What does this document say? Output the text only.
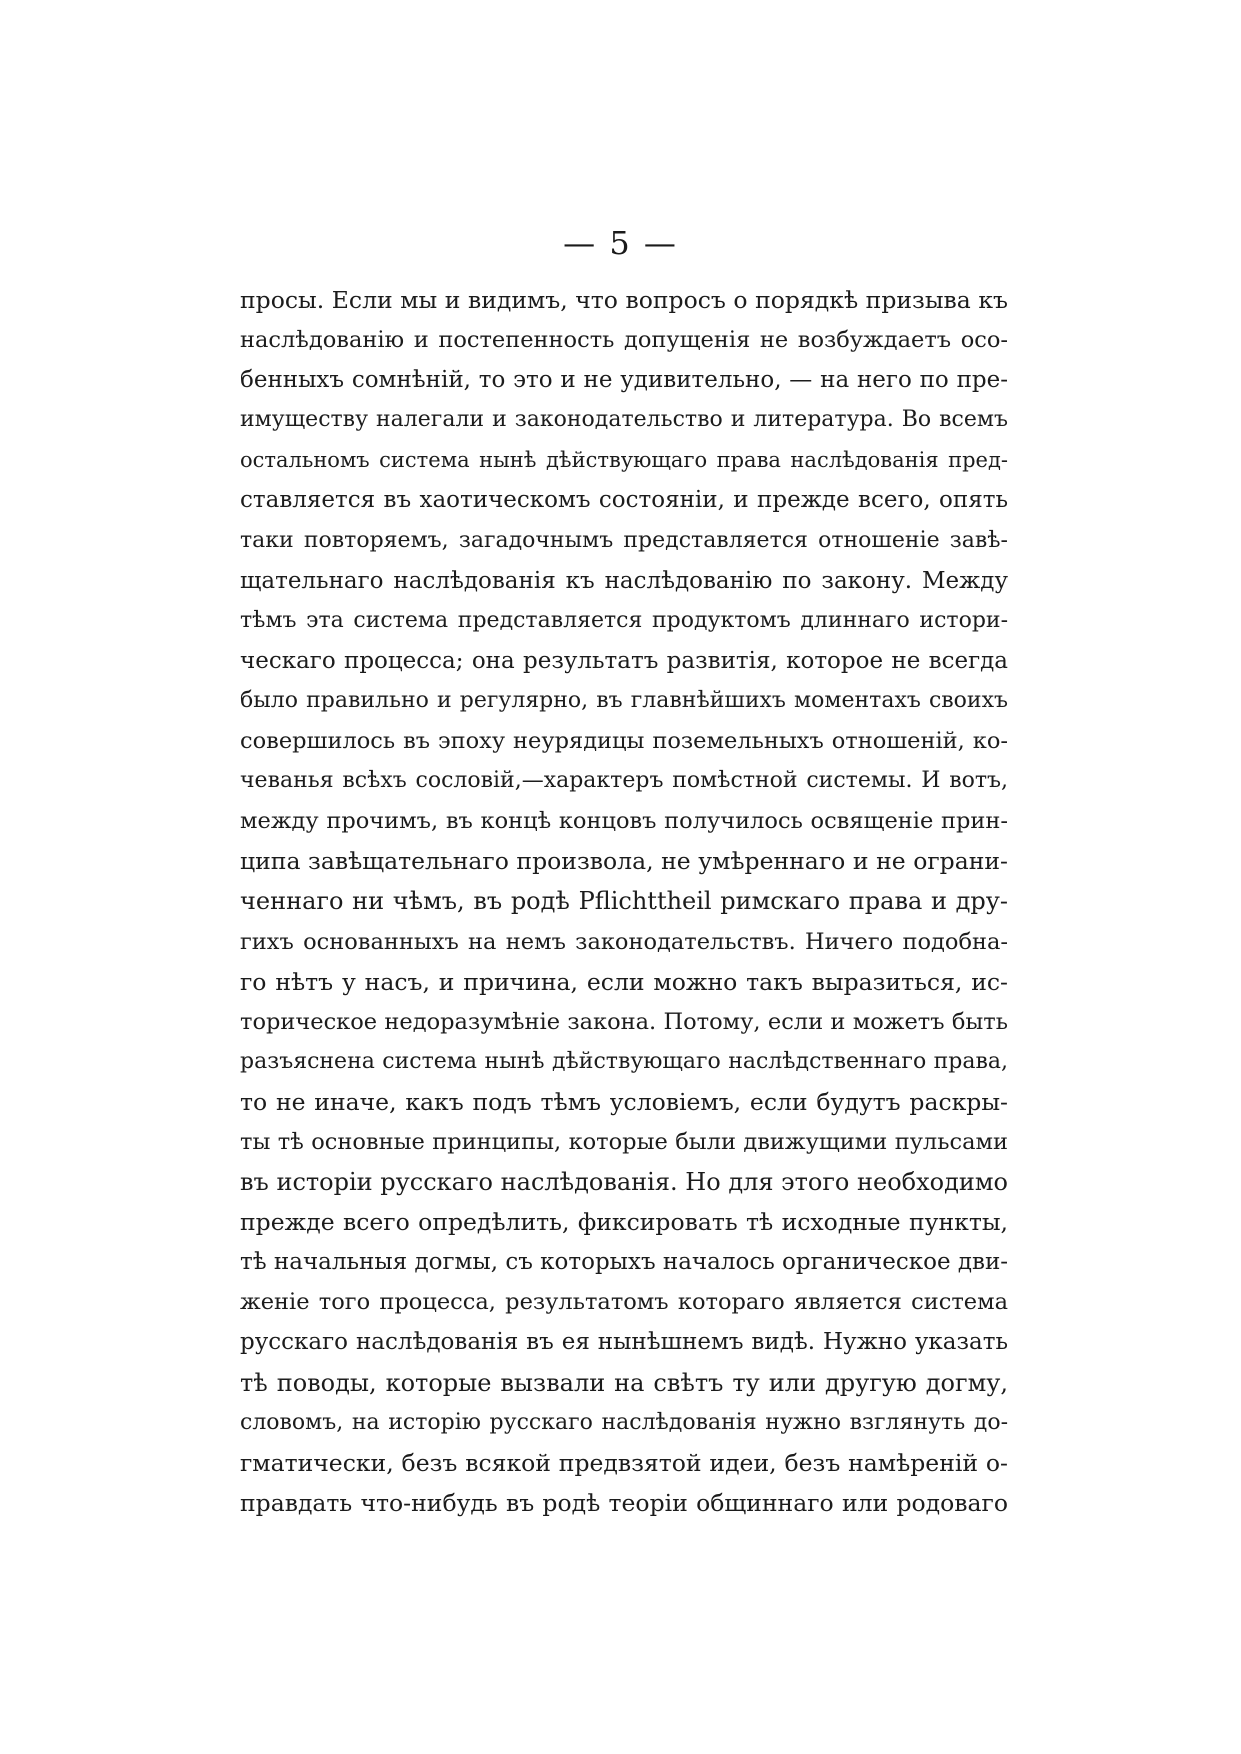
— 5 —
просы. Если мы и видимъ, что вопросъ о порядкѣ призыва къ
наслѣдованію и постепенность допущенія не возбуждаетъ осо-
бенныхъ сомнѣній, то это и не удивительно, — на него по пре-
имуществу налегали и законодательство и литература. Во всемъ
остальномъ система нынѣ дѣйствующаго права наслѣдованія пред-
ставляется въ хаотическомъ состояніи, и прежде всего, опять
таки повторяемъ, загадочнымъ представляется отношеніе завѣ-
щательнаго наслѣдованія къ наслѣдованію по закону. Между
тѣмъ эта система представляется продуктомъ длиннаго истори-
ческаго процесса; она результатъ развитія, которое не всегда
было правильно и регулярно, въ главнѣйшихъ моментахъ своихъ
совершилось въ эпоху неурядицы поземельныхъ отношеній, ко-
чеванья всѣхъ сословій,—характеръ помѣстной системы. И вотъ,
между прочимъ, въ концѣ концовъ получилось освященіе прин-
ципа завѣщательнаго произвола, не умѣреннаго и не ограни-
ченнаго ни чѣмъ, въ родѣ Pflichttheil римскаго права и дру-
гихъ основанныхъ на немъ законодательствъ. Ничего подобна-
го нѣтъ у насъ, и причина, если можно такъ выразиться, ис-
торическое недоразумѣніе закона. Потому, если и можетъ быть
разъяснена система нынѣ дѣйствующаго наслѣдственнаго права,
то не иначе, какъ подъ тѣмъ условіемъ, если будутъ раскры-
ты тѣ основные принципы, которые были движущими пульсами
въ исторіи русскаго наслѣдованія. Но для этого необходимо
прежде всего опредѣлить, фиксировать тѣ исходные пункты,
тѣ начальныя догмы, съ которыхъ началось органическое дви-
женіе того процесса, результатомъ котораго является система
русскаго наслѣдованія въ ея нынѣшнемъ видѣ. Нужно указать
тѣ поводы, которые вызвали на свѣтъ ту или другую догму,
словомъ, на исторію русскаго наслѣдованія нужно взглянуть до-
гматически, безъ всякой предвзятой идеи, безъ намѣреній о-
правдать что-нибудь въ родѣ теоріи общиннаго или родоваго
